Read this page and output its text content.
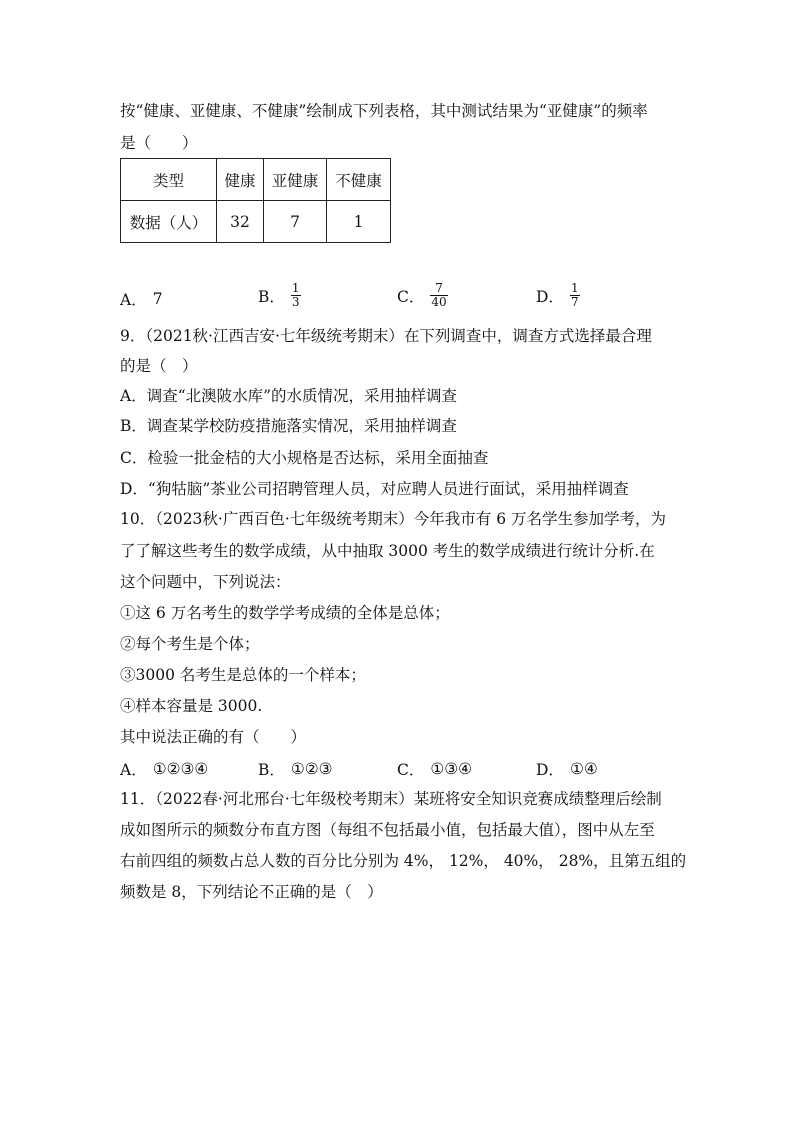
按“健康、亚健康、不健康”绘制成下列表格，其中测试结果为“亚健康”的频率
是（　　）
类型	健康	亚健康	不健康
数据（人）	32	7	1
A． 7	B． $\frac{1}{3}$	C． $\frac{7}{40}$	D． $\frac{1}{7}$
9．（2021秋·江西吉安·七年级统考期末）在下列调查中，调查方式选择最合理
的是（　）
A．调查“北澳陂水库”的水质情况，采用抽样调查
B．调查某学校防疫措施落实情况，采用抽样调查
C．检验一批金桔的大小规格是否达标，采用全面抽查
D．“狗牯脑”茶业公司招聘管理人员，对应聘人员进行面试，采用抽样调查
10．（2023秋·广西百色·七年级统考期末）今年我市有 6 万名学生参加学考，为
了了解这些考生的数学成绩，从中抽取 3000 考生的数学成绩进行统计分析.在
这个问题中，下列说法：
①这 6 万名考生的数学学考成绩的全体是总体；
②每个考生是个体；
③3000 名考生是总体的一个样本；
④样本容量是 3000.
其中说法正确的有（　　）
A． ①②③④	B． ①②③	C． ①③④	D． ①④
11．（2022春·河北邢台·七年级校考期末）某班将安全知识竞赛成绩整理后绘制
成如图所示的频数分布直方图（每组不包括最小值，包括最大值），图中从左至
右前四组的频数占总人数的百分比分别为 4%， 12%， 40%， 28%，且第五组的
频数是 8，下列结论不正确的是（　）
